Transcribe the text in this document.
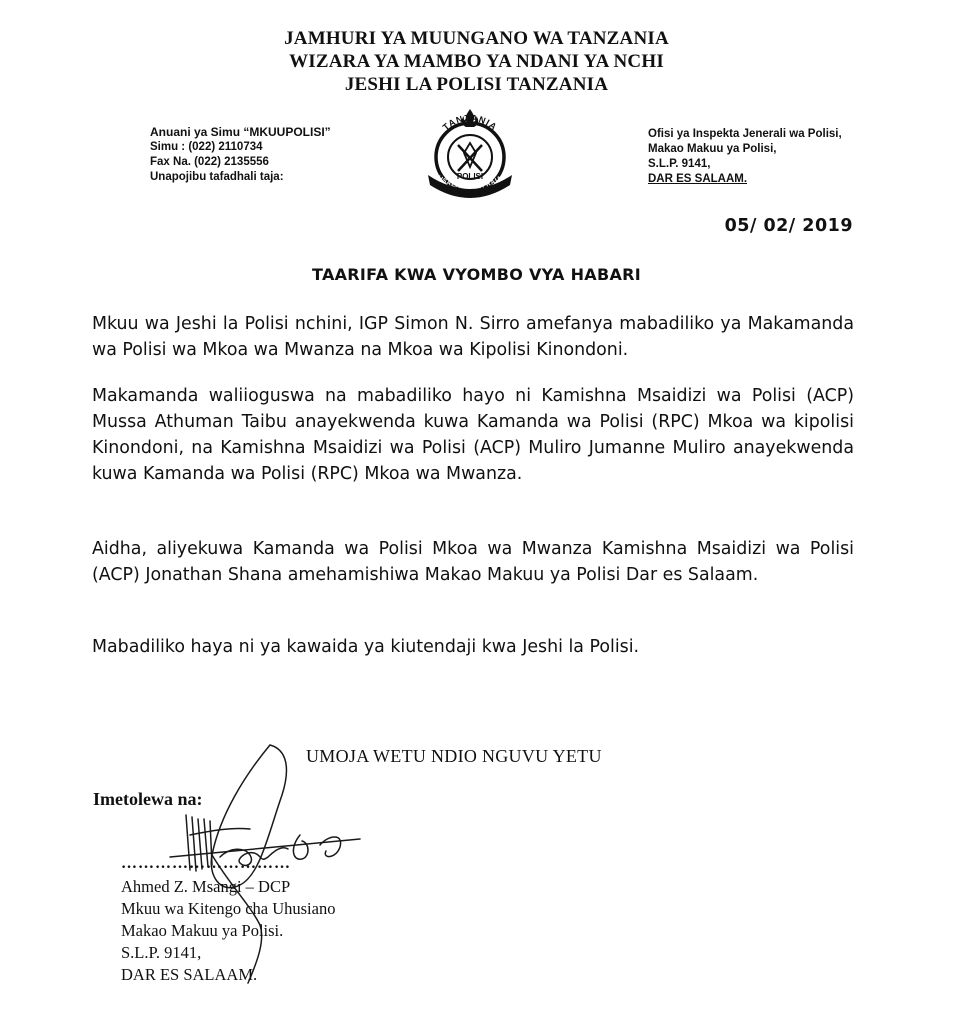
JAMHURI YA MUUNGANO WA TANZANIA
WIZARA YA MAMBO YA NDANI YA NCHI
JESHI LA POLISI TANZANIA
Anuani ya Simu “MKUUPOLISI”
Simu : (022) 2110734
Fax Na. (022) 2135556
Unapojibu tafadhali taja:
TANZANIA
POLISI
USALAMA WA RAIA
Ofisi ya Inspekta Jenerali wa Polisi,
Makao Makuu ya Polisi,
S.L.P. 9141,
DAR ES SALAAM.
05/ 02/ 2019
TAARIFA KWA VYOMBO VYA HABARI
Mkuu wa Jeshi la Polisi nchini, IGP Simon N. Sirro amefanya mabadiliko ya Makamanda wa Polisi wa Mkoa wa Mwanza na Mkoa wa Kipolisi Kinondoni.
Makamanda waliioguswa na mabadiliko hayo ni Kamishna Msaidizi wa Polisi (ACP) Mussa Athuman Taibu anayekwenda kuwa Kamanda wa Polisi (RPC) Mkoa wa kipolisi Kinondoni, na Kamishna Msaidizi wa Polisi (ACP) Muliro Jumanne Muliro anayekwenda kuwa Kamanda wa Polisi (RPC) Mkoa wa Mwanza.
Aidha, aliyekuwa Kamanda wa Polisi Mkoa wa Mwanza Kamishna Msaidizi wa Polisi (ACP) Jonathan Shana amehamishiwa Makao Makuu ya Polisi Dar es Salaam.
Mabadiliko haya ni ya kawaida ya kiutendaji kwa Jeshi la Polisi.
UMOJA WETU NDIO NGUVU YETU
Imetolewa na:
…………………………
Ahmed Z. Msangi – DCP
Mkuu wa Kitengo cha Uhusiano
Makao Makuu ya Polisi.
S.L.P. 9141,
DAR ES SALAAM.
